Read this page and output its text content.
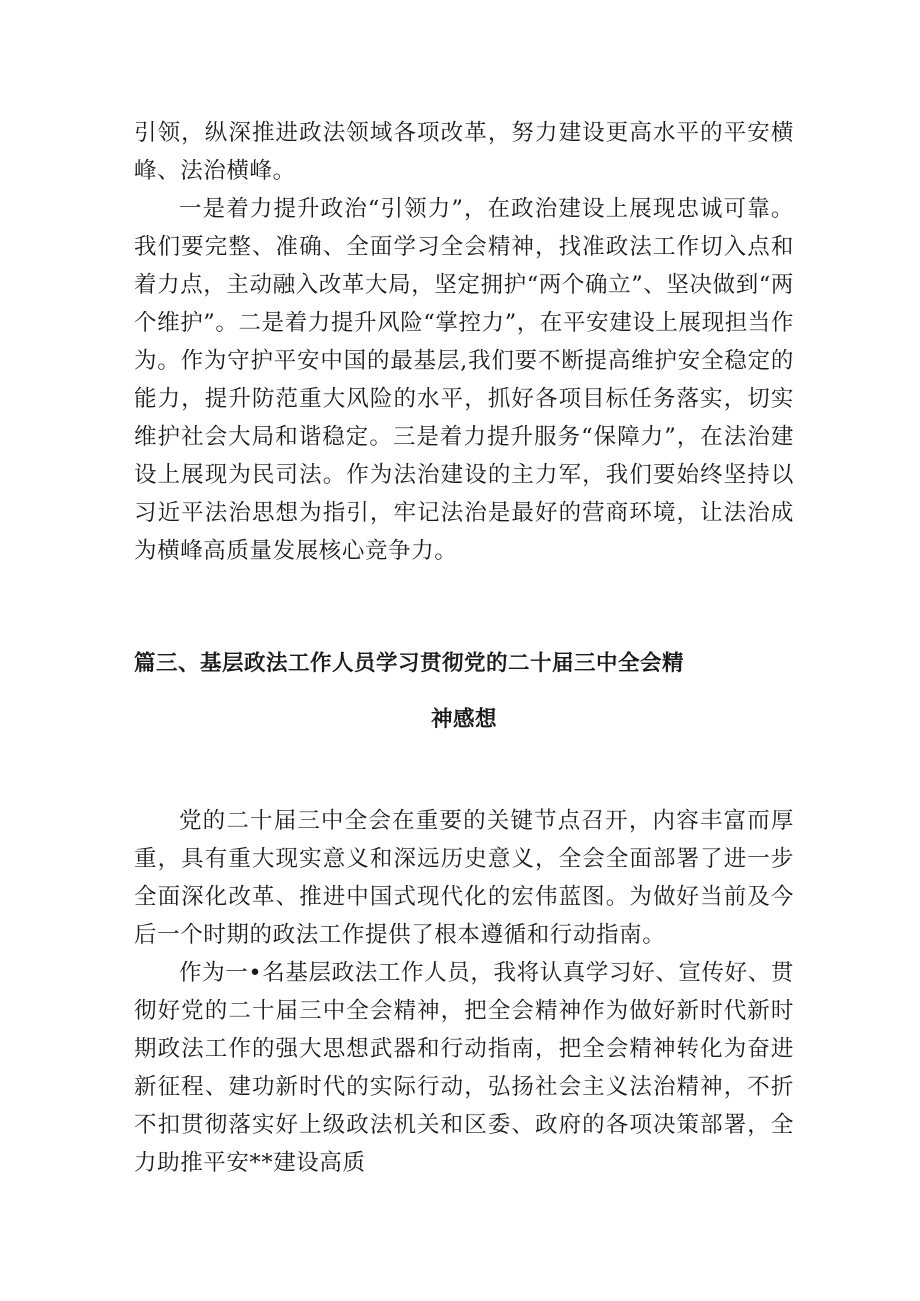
引领，纵深推进政法领域各项改革，努力建设更高水平的平安横峰、法治横峰。

一是着力提升政治“引领力”，在政治建设上展现忠诚可靠。我们要完整、准确、全面学习全会精神，找准政法工作切入点和着力点，主动融入改革大局，坚定拥护“两个确立”、坚决做到“两个维护”。二是着力提升风险“掌控力”，在平安建设上展现担当作为。作为守护平安中国的最基层,我们要不断提高维护安全稳定的能力，提升防范重大风险的水平，抓好各项目标任务落实，切实维护社会大局和谐稳定。三是着力提升服务“保障力”，在法治建设上展现为民司法。作为法治建设的主力军，我们要始终坚持以习近平法治思想为指引，牢记法治是最好的营商环境，让法治成为横峰高质量发展核心竞争力。

篇三、基层政法工作人员学习贯彻党的二十届三中全会精
神感想

党的二十届三中全会在重要的关键节点召开，内容丰富而厚重，具有重大现实意义和深远历史意义，全会全面部署了进一步全面深化改革、推进中国式现代化的宏伟蓝图。为做好当前及今后一个时期的政法工作提供了根本遵循和行动指南。

作为一•名基层政法工作人员，我将认真学习好、宣传好、贯彻好党的二十届三中全会精神，把全会精神作为做好新时代新时期政法工作的强大思想武器和行动指南，把全会精神转化为奋进新征程、建功新时代的实际行动，弘扬社会主义法治精神，不折不扣贯彻落实好上级政法机关和区委、政府的各项决策部署，全力助推平安**建设高质
